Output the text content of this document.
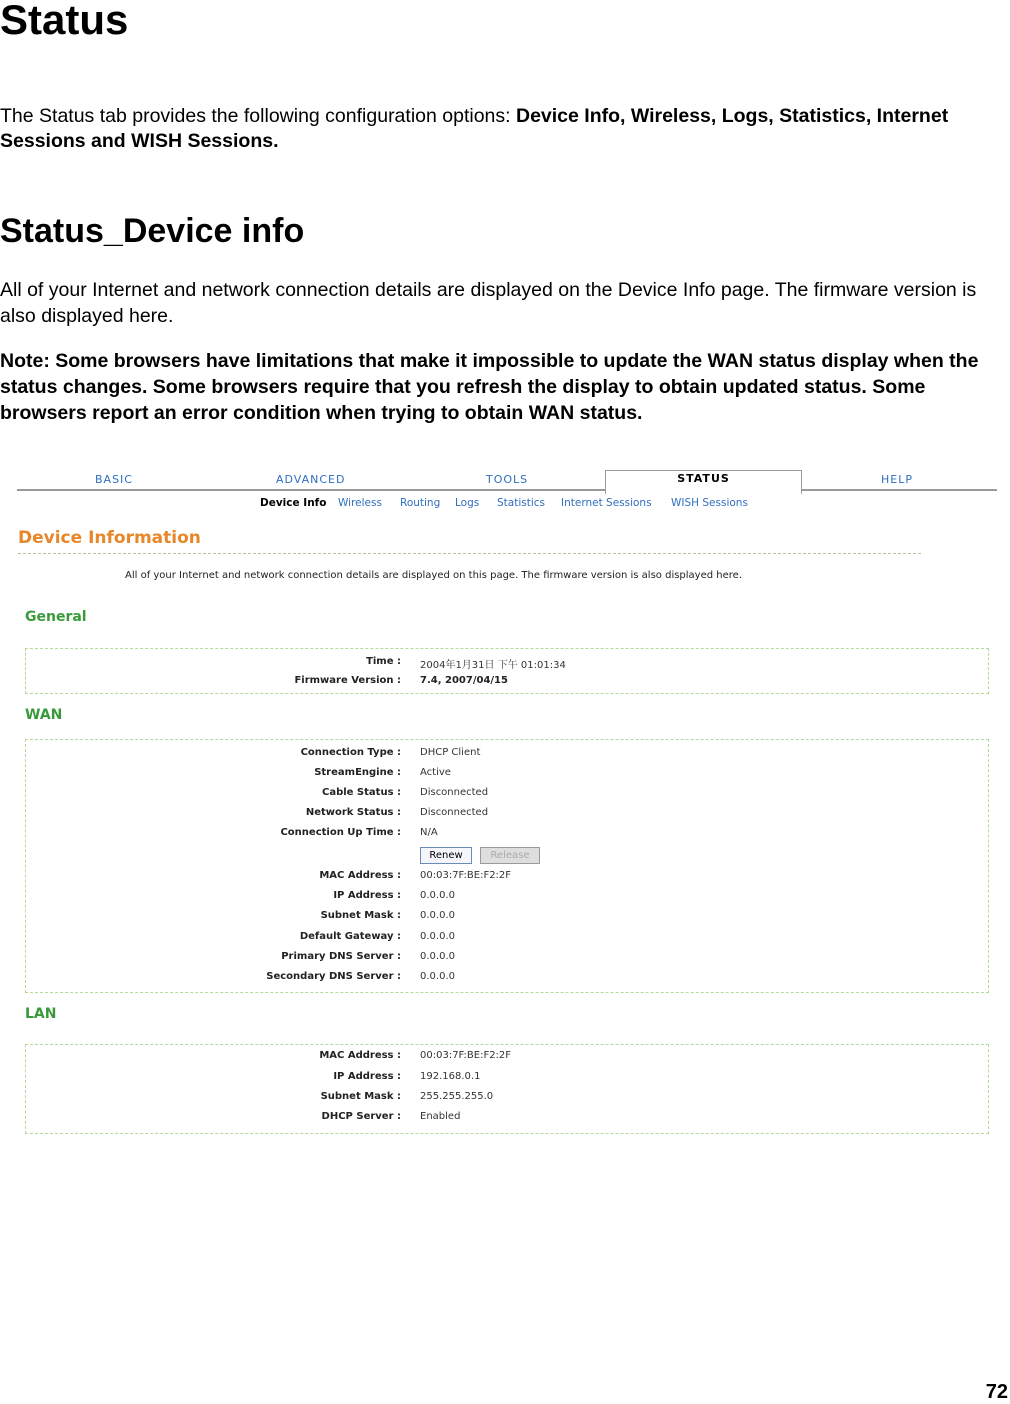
Status

The Status tab provides the following configuration options: Device Info, Wireless, Logs, Statistics, Internet Sessions and WISH Sessions.

Status_Device info

All of your Internet and network connection details are displayed on the Device Info page. The firmware version is also displayed here.

Note: Some browsers have limitations that make it impossible to update the WAN status display when the status changes. Some browsers require that you refresh the display to obtain updated status. Some browsers report an error condition when trying to obtain WAN status.

BASIC	ADVANCED	TOOLS	STATUS	HELP
Device Info Wireless Routing Logs Statistics Internet Sessions WISH Sessions
Device Information
All of your Internet and network connection details are displayed on this page. The firmware version is also displayed here.
General
Time : 2004年1月31日 下午 01:01:34
Firmware Version : 7.4, 2007/04/15
WAN
Connection Type : DHCP Client
StreamEngine : Active
Cable Status : Disconnected
Network Status : Disconnected
Connection Up Time : N/A
Renew	Release
MAC Address : 00:03:7F:BE:F2:2F
IP Address : 0.0.0.0
Subnet Mask : 0.0.0.0
Default Gateway : 0.0.0.0
Primary DNS Server : 0.0.0.0
Secondary DNS Server : 0.0.0.0
LAN
MAC Address : 00:03:7F:BE:F2:2F
IP Address : 192.168.0.1
Subnet Mask : 255.255.255.0
DHCP Server : Enabled
72
